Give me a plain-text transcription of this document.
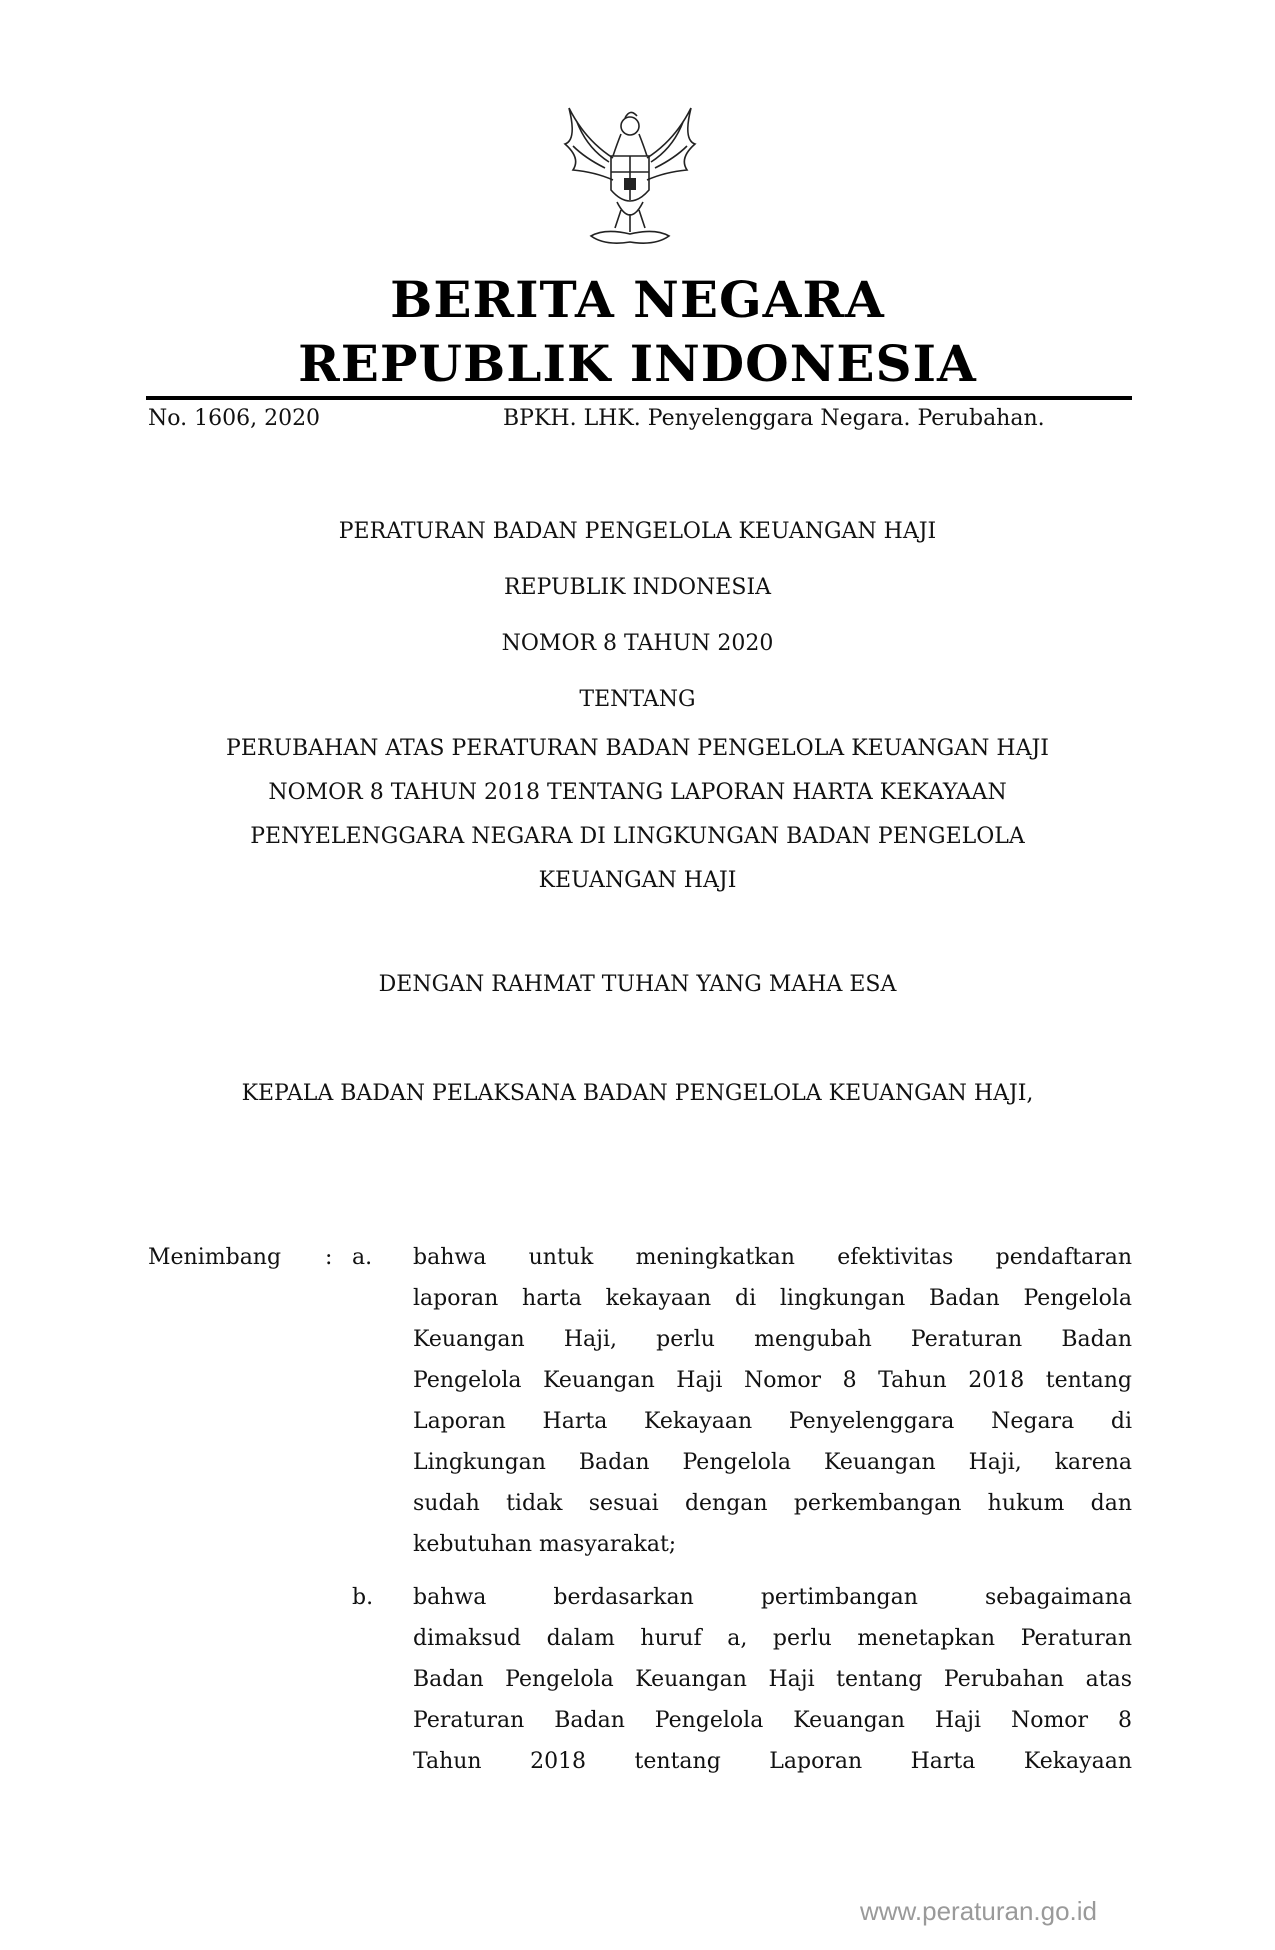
BERITA NEGARA
REPUBLIK INDONESIA
No. 1606, 2020	BPKH. LHK. Penyelenggara Negara. Perubahan.
PERATURAN BADAN PENGELOLA KEUANGAN HAJI
REPUBLIK INDONESIA
NOMOR 8 TAHUN 2020
TENTANG
PERUBAHAN ATAS PERATURAN BADAN PENGELOLA KEUANGAN HAJI
NOMOR 8 TAHUN 2018 TENTANG LAPORAN HARTA KEKAYAAN
PENYELENGGARA NEGARA DI LINGKUNGAN BADAN PENGELOLA
KEUANGAN HAJI
DENGAN RAHMAT TUHAN YANG MAHA ESA
KEPALA BADAN PELAKSANA BADAN PENGELOLA KEUANGAN HAJI,
Menimbang : a. bahwa untuk meningkatkan efektivitas pendaftaran
laporan harta kekayaan di lingkungan Badan Pengelola
Keuangan Haji, perlu mengubah Peraturan Badan
Pengelola Keuangan Haji Nomor 8 Tahun 2018 tentang
Laporan Harta Kekayaan Penyelenggara Negara di
Lingkungan Badan Pengelola Keuangan Haji, karena
sudah tidak sesuai dengan perkembangan hukum dan
kebutuhan masyarakat;
b. bahwa berdasarkan pertimbangan sebagaimana
dimaksud dalam huruf a, perlu menetapkan Peraturan
Badan Pengelola Keuangan Haji tentang Perubahan atas
Peraturan Badan Pengelola Keuangan Haji Nomor 8
Tahun 2018 tentang Laporan Harta Kekayaan
www.peraturan.go.id
